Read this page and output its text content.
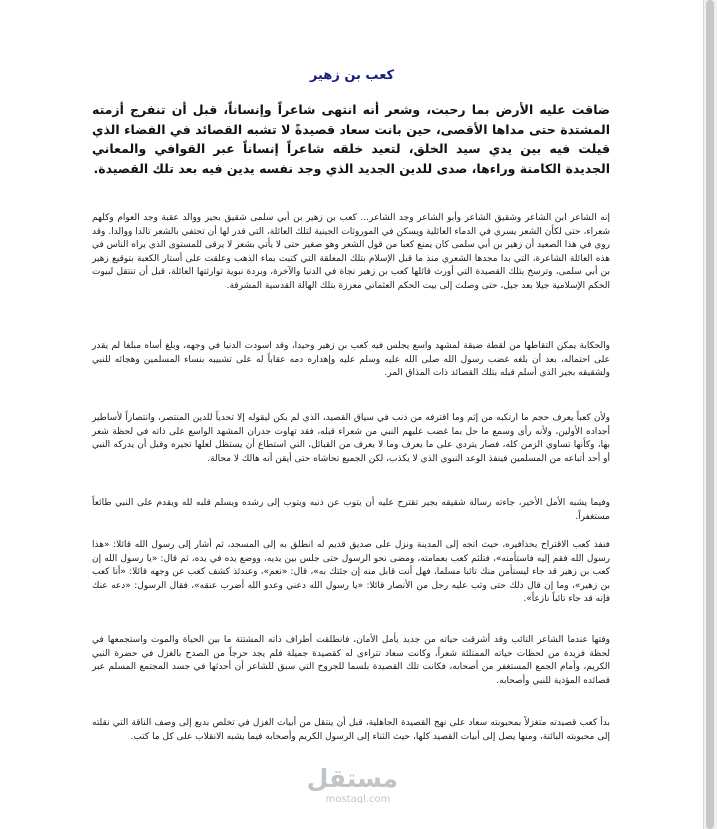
كعب بن زهير
ضاقت عليه الأرض بما رحبت، وشعر أنه انتهى شاعراً وإنساناً، قبل أن تنفرج أزمته المشتدة حتى مداها الأقصى، حين بانت سعاد قصيدةً لا تشبه القصائد في الفضاء الذي قيلت فيه بين يدي سيد الخلق، لتعيد خلقه شاعراً إنساناً عبر القوافي والمعاني الجديدة الكامنة وراءها، صدى للدين الجديد الذي وجد نفسه يدين فيه بعد تلك القصيدة.
إنه الشاعر ابن الشاعر وشقيق الشاعر وأبو الشاعر وجد الشاعر... كعب بن زهير بن أبي سلمى شقيق بجير ووالد عقبة وجد العوام وكلهم شعراء، حتى لكأن الشعر يسري في الدماء العائلية ويسكن في الموروثات الجينية لتلك العائلة، التي قدر لها أن تحتفي بالشعر تالدا ووالدا. وقد روي في هذا الصعيد أن زهير بن أبي سلمى كان يمنع كعبا من قول الشعر وهو صغير حتى لا يأتي بشعر لا يرقى للمستوى الذي يراه الناس في هذه العائلة الشاعرة، التي بدا مجدها الشعري منذ ما قبل الإسلام بتلك المعلقة التي كتبت بماء الذهب وعلقت على أستار الكعبة بتوقيع زهير بن أبي سلمى، وترسخ بتلك القصيدة التي أورث قائلها كعب بن زهير نجاة في الدنيا والآخرة، وبردة نبوية توارثتها العائلة، قبل أن تنتقل لبيوت الحكم الإسلامية جيلا بعد جيل، حتى وصلت إلى بيت الحكم العثماني معززة بتلك الهالة القدسية المشرقة.
والحكاية يمكن التقاطها من لقطة ضيقة لمشهد واسع يجلس فيه كعب بن زهير وحيدا، وقد اسودت الدنيا في وجهه، وبلغ أساه مبلغا لم يقدر على احتماله، بعد أن بلغه غضب رسول الله صلى الله عليه وسلم عليه وإهداره دمه عقاباً له على تشبيبه بنساء المسلمين وهجائه للنبي ولشقيقه بجير الذي أسلم قبله بتلك القصائد ذات المذاق المر.
ولأن كعباً يعرف حجم ما ارتكبه من إثم وما اقترفه من ذنب في سياق القصيد، الذي لم يكن ليقوله إلا تحدياً للدين المنتصر، وانتصاراً لأساطير أجداده الأولين، ولأنه رأى وسمع ما حل بما غضب عليهم النبي من شعراء قبله، فقد تهاوت جدران المشهد الواسع على ذاته في لحظة شعر بها، وكأنها تساوي الزمن كله، فصار يتردى على ما يعرف وما لا يعرف من القبائل، التي استطاع أن يستظل لعلها تجيره وقبل أن يدركه النبي أو أحد أتباعه من المسلمين فينفذ الوعد النبوي الذي لا يكذب، لكن الجميع تحاشاه حتى أيقن أنه هالك لا محالة.
وفيما يشبه الأمل الأخير، جاءته رسالة شقيقه بجير تقترح عليه أن يتوب عن ذنبه ويتوب إلى رشده ويسلم قلبه لله ويقدم على النبي طائعاً مستغفراً.
فنفذ كعب الاقتراح بحذافيره، حيث اتجه إلى المدينة ونزل على صديق قديم له انطلق به إلى المسجد، ثم أشار إلى رسول الله قائلا: «هذا رسول الله فقم إليه فاستأمنه»، فتلثم كعب بعمامته، ومضى نحو الرسول حتى جلس بين يديه، ووضع يده في يده، ثم قال: «يا رسول الله إن كعب بن زهير قد جاء ليستأمن منك تائبا مسلما، فهل أنت قابل منه إن جئتك به»، قال: «نعم»، وعندئذ كشف كعب عن وجهه قائلا: «أنا كعب بن زهير»، وما إن قال ذلك حتى وثب عليه رجل من الأنصار قائلا: «يا رسول الله دعني وعدو الله أضرب عنقه»، فقال الرسول: «دعه عنك فإنه قد جاء تائباً نازعاً».
وقتها عندما الشاعر التائب وقد أشرقت حياته من جديد يأمل الأمان، فانطلقت أطراف ذاته المشتتة ما بين الحياة والموت واستجمعها في لحظة فريدة من لحظات حياته الممتلئة شعراً، وكانت سعاد تتراءى له كقصيدة جميلة فلم يجد حرجاً من الصدح بالغزل في حضرة النبي الكريم، وأمام الجمع المستغفر من أصحابه، فكانت تلك القصيدة بلسما للجروح التي سبق للشاعر أن أحدثها في جسد المجتمع المسلم عبر قصائده المؤذية للنبي وأصحابه.
بدأ كعب قصيدته متغزلاً بمحبوبته سعاد على نهج القصيدة الجاهلية، قبل أن ينتقل من أبيات الغزل في تخلص بديع إلى وصف الناقة التي نقلته إلى محبوبته البائنة، ومنها يصل إلى أبيات القصيد كلها، حيث الثناء إلى الرسول الكريم وأصحابه فيما يشبه الانقلاب على كل ما كتب.
مستقل
mostaql.com
